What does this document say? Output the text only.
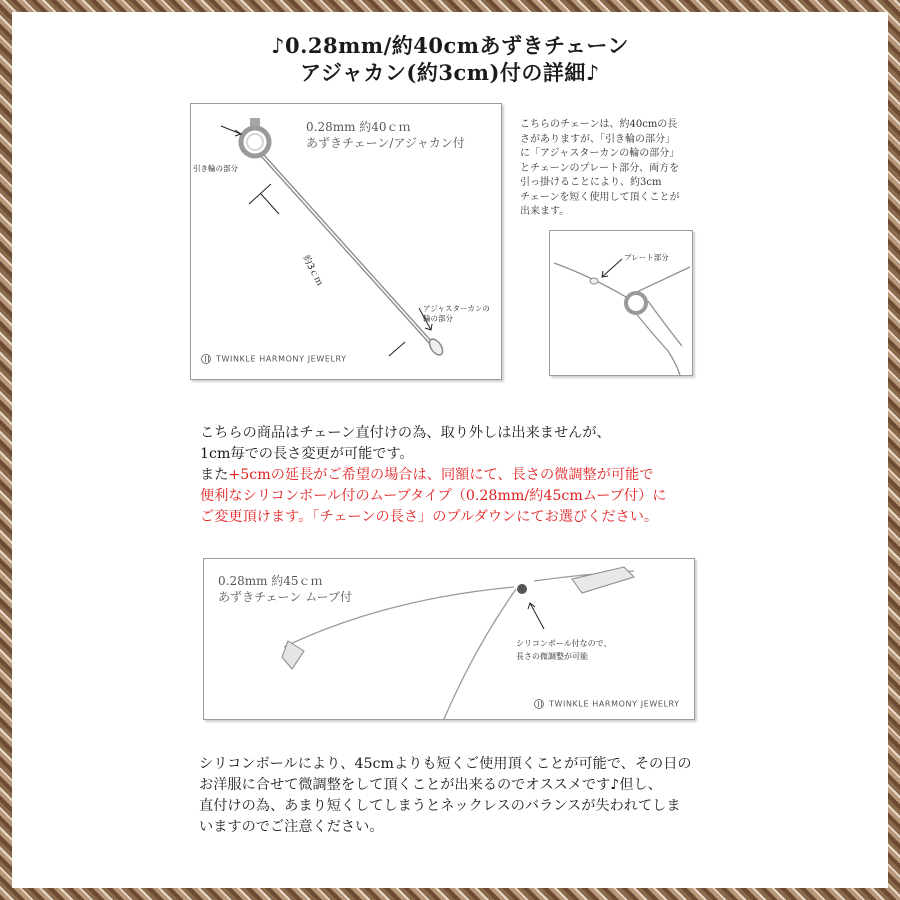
♪0.28mm/約40cmあずきチェーン
アジャカン(約3cm)付の詳細♪
0.28mm 約40ｃｍ
あずきチェーン/アジャカン付
引き輪の部分
約3ｃｍ
アジャスターカンの
輪の部分
TWINKLE HARMONY JEWELRY
こちらのチェーンは、約40cmの長
さがありますが、「引き輪の部分」
に「アジャスターカンの輪の部分」
とチェーンのプレート部分、両方を
引っ掛けることにより、約3cm
チェーンを短く使用して頂くことが
出来ます。
プレート部分
こちらの商品はチェーン直付けの為、取り外しは出来ませんが、
1cm毎での長さ変更が可能です。
また+5cmの延長がご希望の場合は、同額にて、長さの微調整が可能で
便利なシリコンボール付のムーブタイプ（0.28mm/約45cmムーブ付）に
ご変更頂けます。「チェーンの長さ」のプルダウンにてお選びください。
0.28mm 約45ｃｍ
あずきチェーン ムーブ付
シリコンボール付なので、
長さの微調整が可能
TWINKLE HARMONY JEWELRY
シリコンボールにより、45cmよりも短くご使用頂くことが可能で、その日の
お洋服に合せて微調整をして頂くことが出来るのでオススメです♪但し、
直付けの為、あまり短くしてしまうとネックレスのバランスが失われてしま
いますのでご注意ください。
